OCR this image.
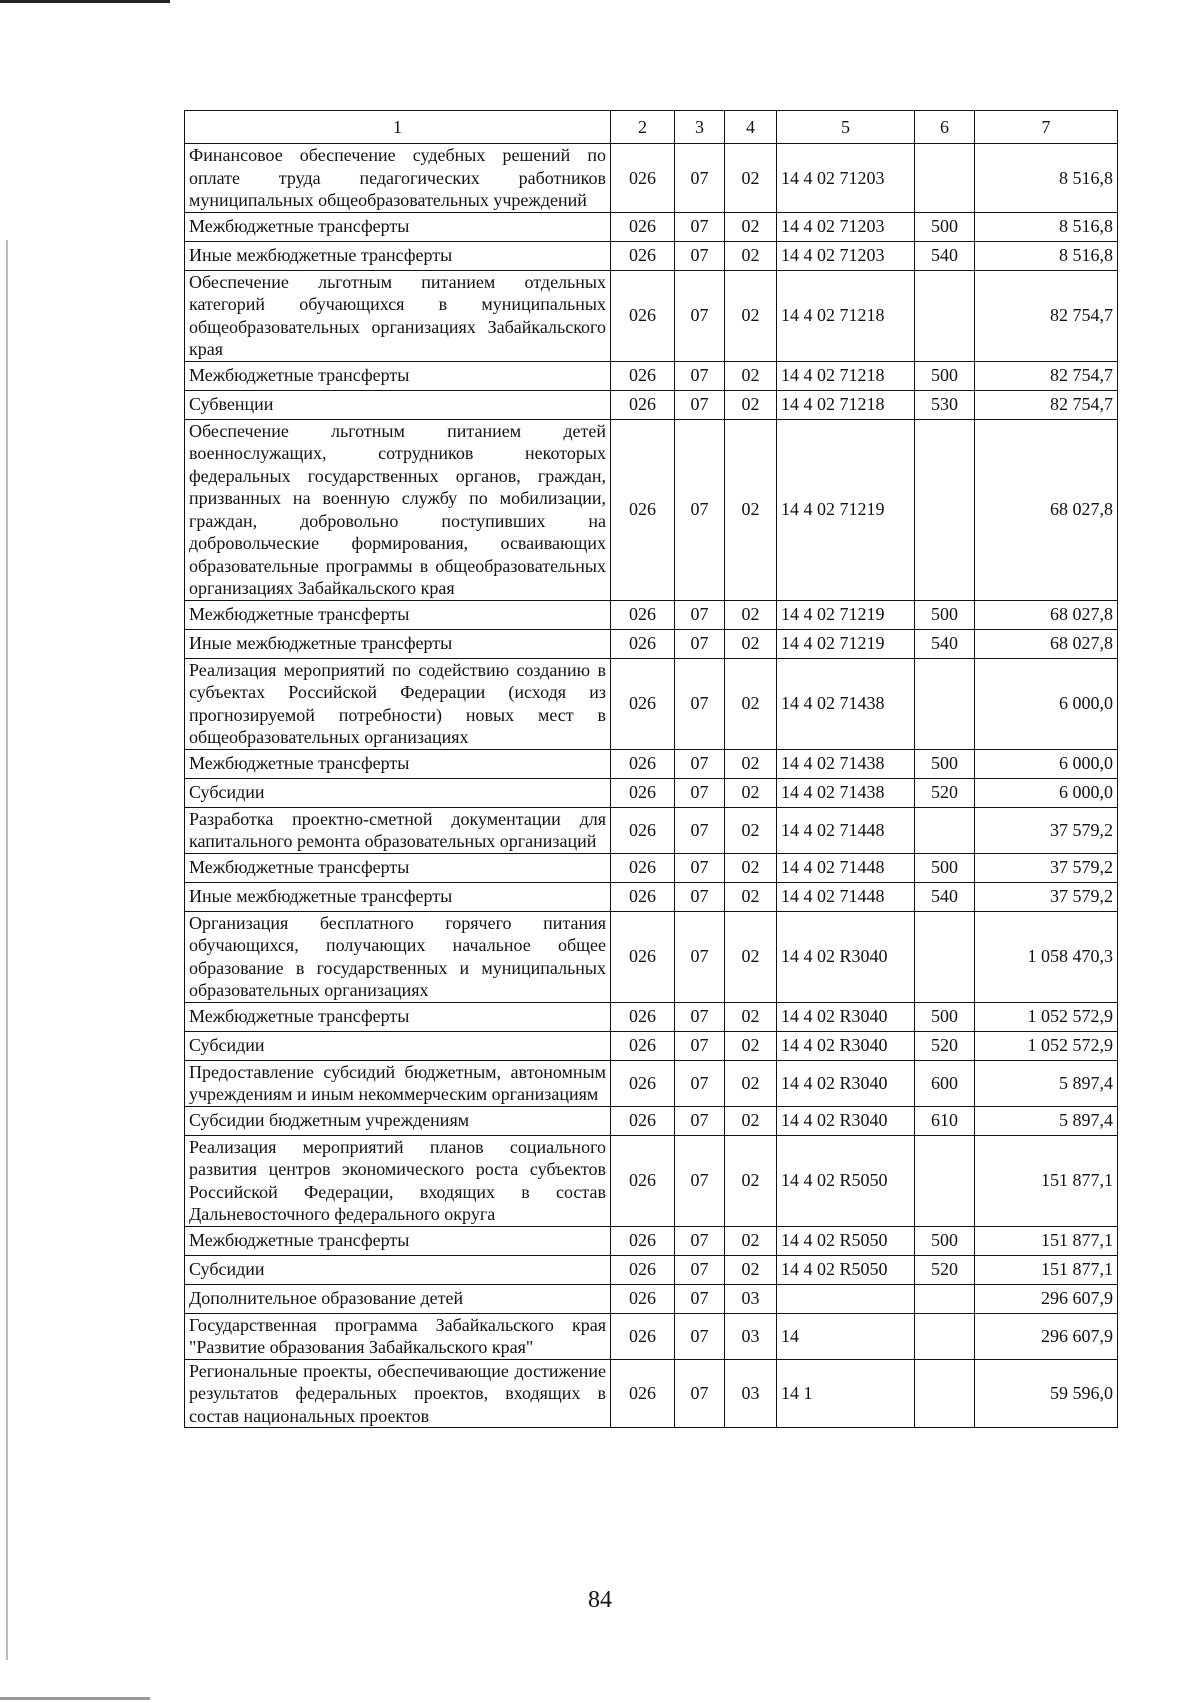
1	2	3	4	5	6	7
Финансовое обеспечение судебных решений по оплате труда педагогических работников муниципальных общеобразовательных учреждений	026	07	02	14 4 02 71203		8 516,8
Межбюджетные трансферты	026	07	02	14 4 02 71203	500	8 516,8
Иные межбюджетные трансферты	026	07	02	14 4 02 71203	540	8 516,8
Обеспечение льготным питанием отдельных категорий обучающихся в муниципальных общеобразовательных организациях Забайкальского края	026	07	02	14 4 02 71218		82 754,7
Межбюджетные трансферты	026	07	02	14 4 02 71218	500	82 754,7
Субвенции	026	07	02	14 4 02 71218	530	82 754,7
Обеспечение льготным питанием детей военнослужащих, сотрудников некоторых федеральных государственных органов, граждан, призванных на военную службу по мобилизации, граждан, добровольно поступивших на добровольческие формирования, осваивающих образовательные программы в общеобразовательных организациях Забайкальского края	026	07	02	14 4 02 71219		68 027,8
Межбюджетные трансферты	026	07	02	14 4 02 71219	500	68 027,8
Иные межбюджетные трансферты	026	07	02	14 4 02 71219	540	68 027,8
Реализация мероприятий по содействию созданию в субъектах Российской Федерации (исходя из прогнозируемой потребности) новых мест в общеобразовательных организациях	026	07	02	14 4 02 71438		6 000,0
Межбюджетные трансферты	026	07	02	14 4 02 71438	500	6 000,0
Субсидии	026	07	02	14 4 02 71438	520	6 000,0
Разработка проектно-сметной документации для капитального ремонта образовательных организаций	026	07	02	14 4 02 71448		37 579,2
Межбюджетные трансферты	026	07	02	14 4 02 71448	500	37 579,2
Иные межбюджетные трансферты	026	07	02	14 4 02 71448	540	37 579,2
Организация бесплатного горячего питания обучающихся, получающих начальное общее образование в государственных и муниципальных образовательных организациях	026	07	02	14 4 02 R3040		1 058 470,3
Межбюджетные трансферты	026	07	02	14 4 02 R3040	500	1 052 572,9
Субсидии	026	07	02	14 4 02 R3040	520	1 052 572,9
Предоставление субсидий бюджетным, автономным учреждениям и иным некоммерческим организациям	026	07	02	14 4 02 R3040	600	5 897,4
Субсидии бюджетным учреждениям	026	07	02	14 4 02 R3040	610	5 897,4
Реализация мероприятий планов социального развития центров экономического роста субъектов Российской Федерации, входящих в состав Дальневосточного федерального округа	026	07	02	14 4 02 R5050		151 877,1
Межбюджетные трансферты	026	07	02	14 4 02 R5050	500	151 877,1
Субсидии	026	07	02	14 4 02 R5050	520	151 877,1
Дополнительное образование детей	026	07	03			296 607,9
Государственная программа Забайкальского края "Развитие образования Забайкальского края"	026	07	03	14		296 607,9
Региональные проекты, обеспечивающие достижение результатов федеральных проектов, входящих в состав национальных проектов	026	07	03	14 1		59 596,0
84
